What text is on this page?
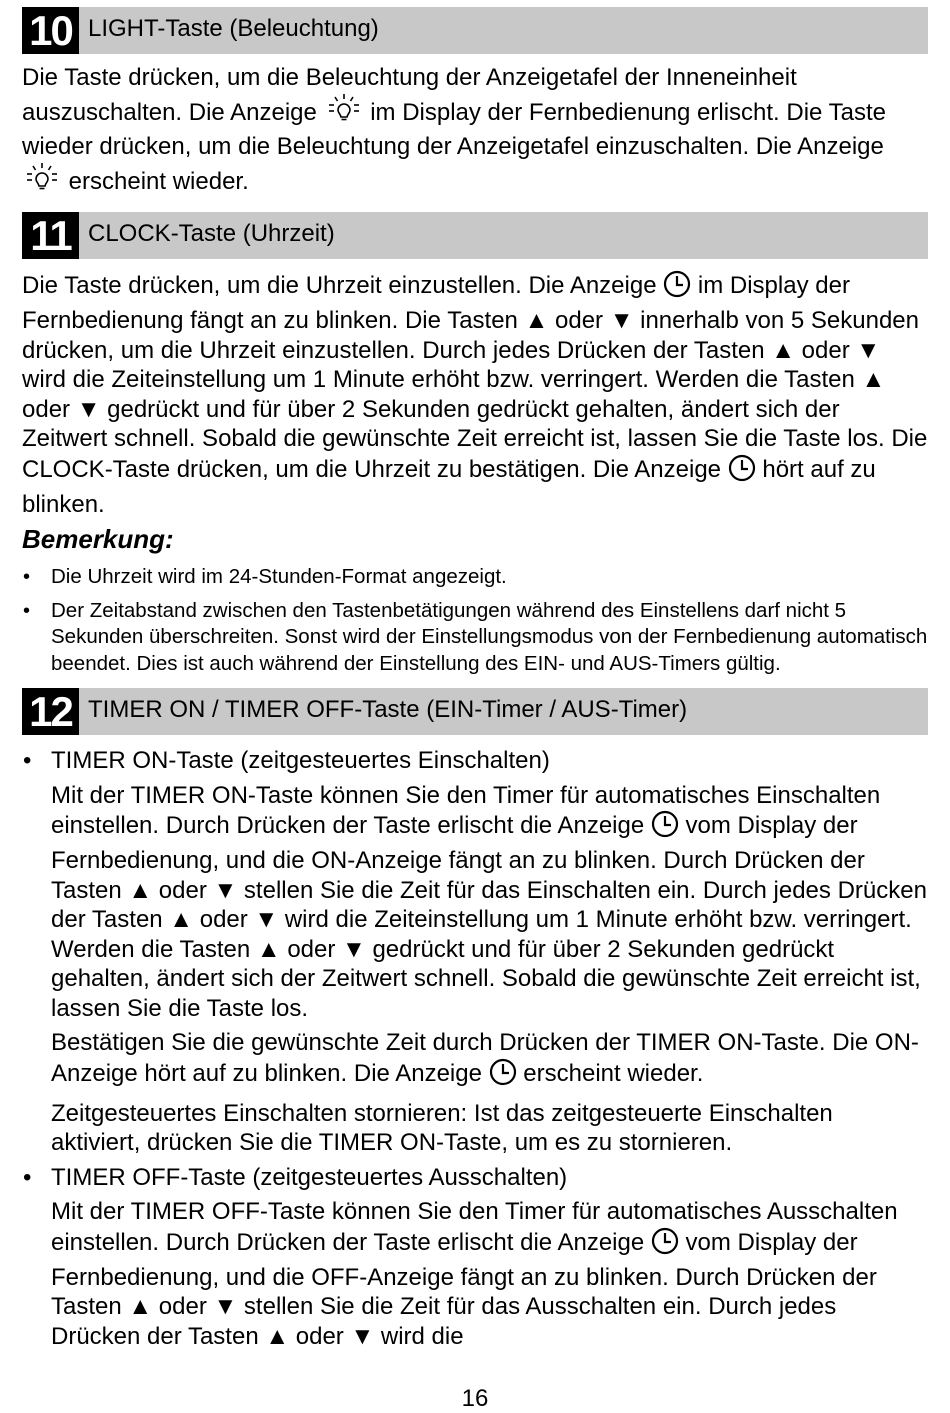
10 LIGHT-Taste (Beleuchtung)

Die Taste drücken, um die Beleuchtung der Anzeigetafel der Inneneinheit auszuschalten. Die Anzeige  im Display der Fernbedienung erlischt. Die Taste wieder drücken, um die Beleuchtung der Anzeigetafel einzuschalten. Die Anzeige  erscheint wieder.

11 CLOCK-Taste (Uhrzeit)

Die Taste drücken, um die Uhrzeit einzustellen. Die Anzeige  im Display der Fernbedienung fängt an zu blinken. Die Tasten ▲ oder ▼ innerhalb von 5 Sekunden drücken, um die Uhrzeit einzustellen. Durch jedes Drücken der Tasten ▲ oder ▼ wird die Zeiteinstellung um 1 Minute erhöht bzw. verringert. Werden die Tasten ▲ oder ▼ gedrückt und für über 2 Sekunden gedrückt gehalten, ändert sich der Zeitwert schnell. Sobald die gewünschte Zeit erreicht ist, lassen Sie die Taste los. Die CLOCK-Taste drücken, um die Uhrzeit zu bestätigen. Die Anzeige  hört auf zu blinken.

Bemerkung:
• Die Uhrzeit wird im 24-Stunden-Format angezeigt.
• Der Zeitabstand zwischen den Tastenbetätigungen während des Einstellens darf nicht 5 Sekunden überschreiten. Sonst wird der Einstellungsmodus von der Fernbedienung automatisch beendet. Dies ist auch während der Einstellung des EIN- und AUS-Timers gültig.
12 TIMER ON / TIMER OFF-Taste (EIN-Timer / AUS-Timer)

• TIMER ON-Taste (zeitgesteuertes Einschalten)

Mit der TIMER ON-Taste können Sie den Timer für automatisches Einschalten einstellen. Durch Drücken der Taste erlischt die Anzeige  vom Display der Fernbedienung, und die ON-Anzeige fängt an zu blinken. Durch Drücken der Tasten ▲ oder ▼ stellen Sie die Zeit für das Einschalten ein. Durch jedes Drücken der Tasten ▲ oder ▼ wird die Zeiteinstellung um 1 Minute erhöht bzw. verringert. Werden die Tasten ▲ oder ▼ gedrückt und für über 2 Sekunden gedrückt gehalten, ändert sich der Zeitwert schnell. Sobald die gewünschte Zeit erreicht ist, lassen Sie die Taste los.

Bestätigen Sie die gewünschte Zeit durch Drücken der TIMER ON-Taste. Die ON-Anzeige hört auf zu blinken. Die Anzeige  erscheint wieder.

Zeitgesteuertes Einschalten stornieren: Ist das zeitgesteuerte Einschalten aktiviert, drücken Sie die TIMER ON-Taste, um es zu stornieren.

• TIMER OFF-Taste (zeitgesteuertes Ausschalten)

Mit der TIMER OFF-Taste können Sie den Timer für automatisches Ausschalten einstellen. Durch Drücken der Taste erlischt die Anzeige  vom Display der Fernbedienung, und die OFF-Anzeige fängt an zu blinken. Durch Drücken der Tasten ▲ oder ▼ stellen Sie die Zeit für das Ausschalten ein. Durch jedes Drücken der Tasten ▲ oder ▼ wird die

16
